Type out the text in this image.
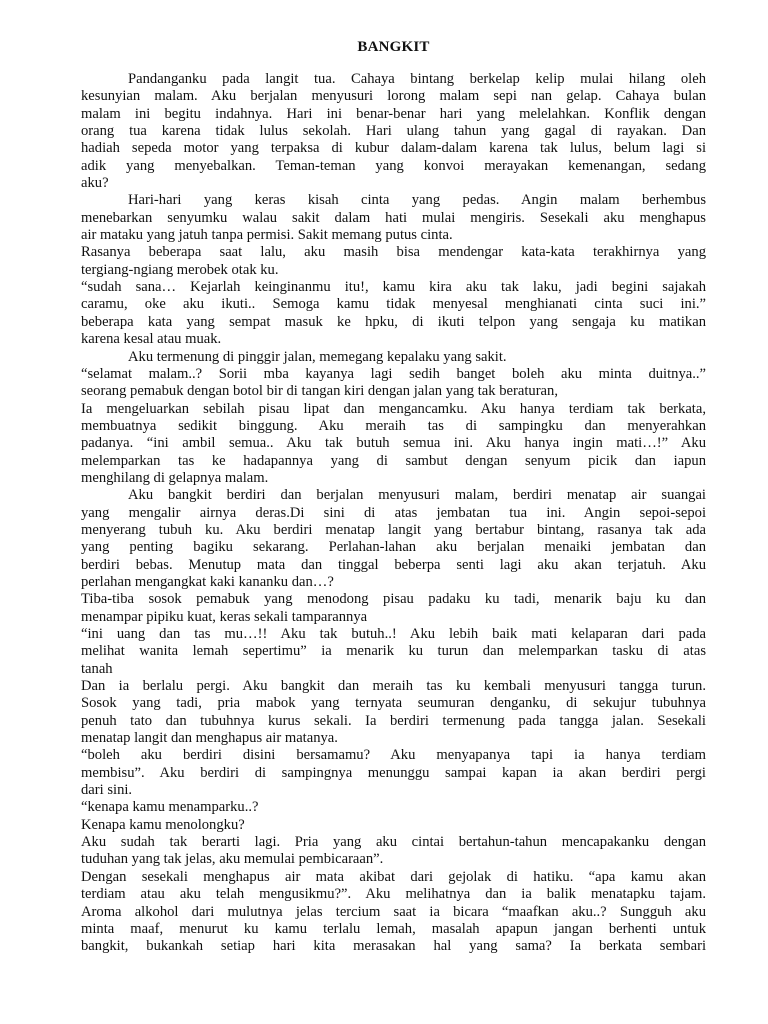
BANGKIT
Pandanganku pada langit tua. Cahaya bintang berkelap kelip mulai hilang oleh
kesunyian malam. Aku berjalan menyusuri lorong malam sepi nan gelap. Cahaya bulan
malam ini begitu indahnya. Hari ini benar-benar hari yang melelahkan. Konflik dengan
orang tua karena tidak lulus sekolah. Hari ulang tahun yang gagal di rayakan. Dan
hadiah sepeda motor yang terpaksa di kubur dalam-dalam karena tak lulus, belum lagi si
adik yang menyebalkan. Teman-teman yang konvoi merayakan kemenangan, sedang
aku?
Hari-hari yang keras kisah cinta yang pedas. Angin malam berhembus
menebarkan senyumku walau sakit dalam hati mulai mengiris. Sesekali aku menghapus
air mataku yang jatuh tanpa permisi. Sakit memang putus cinta.
Rasanya beberapa saat lalu, aku masih bisa mendengar kata-kata terakhirnya yang
tergiang-ngiang merobek otak ku.
“sudah sana… Kejarlah keinginanmu itu!, kamu kira aku tak laku, jadi begini sajakah
caramu, oke aku ikuti.. Semoga kamu tidak menyesal menghianati cinta suci ini.”
beberapa kata yang sempat masuk ke hpku, di ikuti telpon yang sengaja ku matikan
karena kesal atau muak.
Aku termenung di pinggir jalan, memegang kepalaku yang sakit.
“selamat malam..? Sorii mba kayanya lagi sedih banget boleh aku minta duitnya..”
seorang pemabuk dengan botol bir di tangan kiri dengan jalan yang tak beraturan,
Ia mengeluarkan sebilah pisau lipat dan mengancamku. Aku hanya terdiam tak berkata,
membuatnya sedikit binggung. Aku meraih tas di sampingku dan menyerahkan
padanya. “ini ambil semua.. Aku tak butuh semua ini. Aku hanya ingin mati…!” Aku
melemparkan tas ke hadapannya yang di sambut dengan senyum picik dan iapun
menghilang di gelapnya malam.
Aku bangkit berdiri dan berjalan menyusuri malam, berdiri menatap air suangai
yang mengalir airnya deras.Di sini di atas jembatan tua ini. Angin sepoi-sepoi
menyerang tubuh ku. Aku berdiri menatap langit yang bertabur bintang, rasanya tak ada
yang penting bagiku sekarang. Perlahan-lahan aku berjalan menaiki jembatan dan
berdiri bebas. Menutup mata dan tinggal beberpa senti lagi aku akan terjatuh. Aku
perlahan mengangkat kaki kananku dan…?
Tiba-tiba sosok pemabuk yang menodong pisau padaku ku tadi, menarik baju ku dan
menampar pipiku kuat, keras sekali tamparannya
“ini uang dan tas mu…!! Aku tak butuh..! Aku lebih baik mati kelaparan dari pada
melihat wanita lemah sepertimu” ia menarik ku turun dan melemparkan tasku di atas
tanah
Dan ia berlalu pergi. Aku bangkit dan meraih tas ku kembali menyusuri tangga turun.
Sosok yang tadi, pria mabok yang ternyata seumuran denganku, di sekujur tubuhnya
penuh tato dan tubuhnya kurus sekali. Ia berdiri termenung pada tangga jalan. Sesekali
menatap langit dan menghapus air matanya.
“boleh aku berdiri disini bersamamu? Aku menyapanya tapi ia hanya terdiam
membisu”. Aku berdiri di sampingnya menunggu sampai kapan ia akan berdiri pergi
dari sini.
“kenapa kamu menamparku..?
Kenapa kamu menolongku?
Aku sudah tak berarti lagi. Pria yang aku cintai bertahun-tahun mencapakanku dengan
tuduhan yang tak jelas, aku memulai pembicaraan”.
Dengan sesekali menghapus air mata akibat dari gejolak di hatiku. “apa kamu akan
terdiam atau aku telah mengusikmu?”. Aku melihatnya dan ia balik menatapku tajam.
Aroma alkohol dari mulutnya jelas tercium saat ia bicara “maafkan aku..? Sungguh aku
minta maaf, menurut ku kamu terlalu lemah, masalah apapun jangan berhenti untuk
bangkit, bukankah setiap hari kita merasakan hal yang sama? Ia berkata sembari
